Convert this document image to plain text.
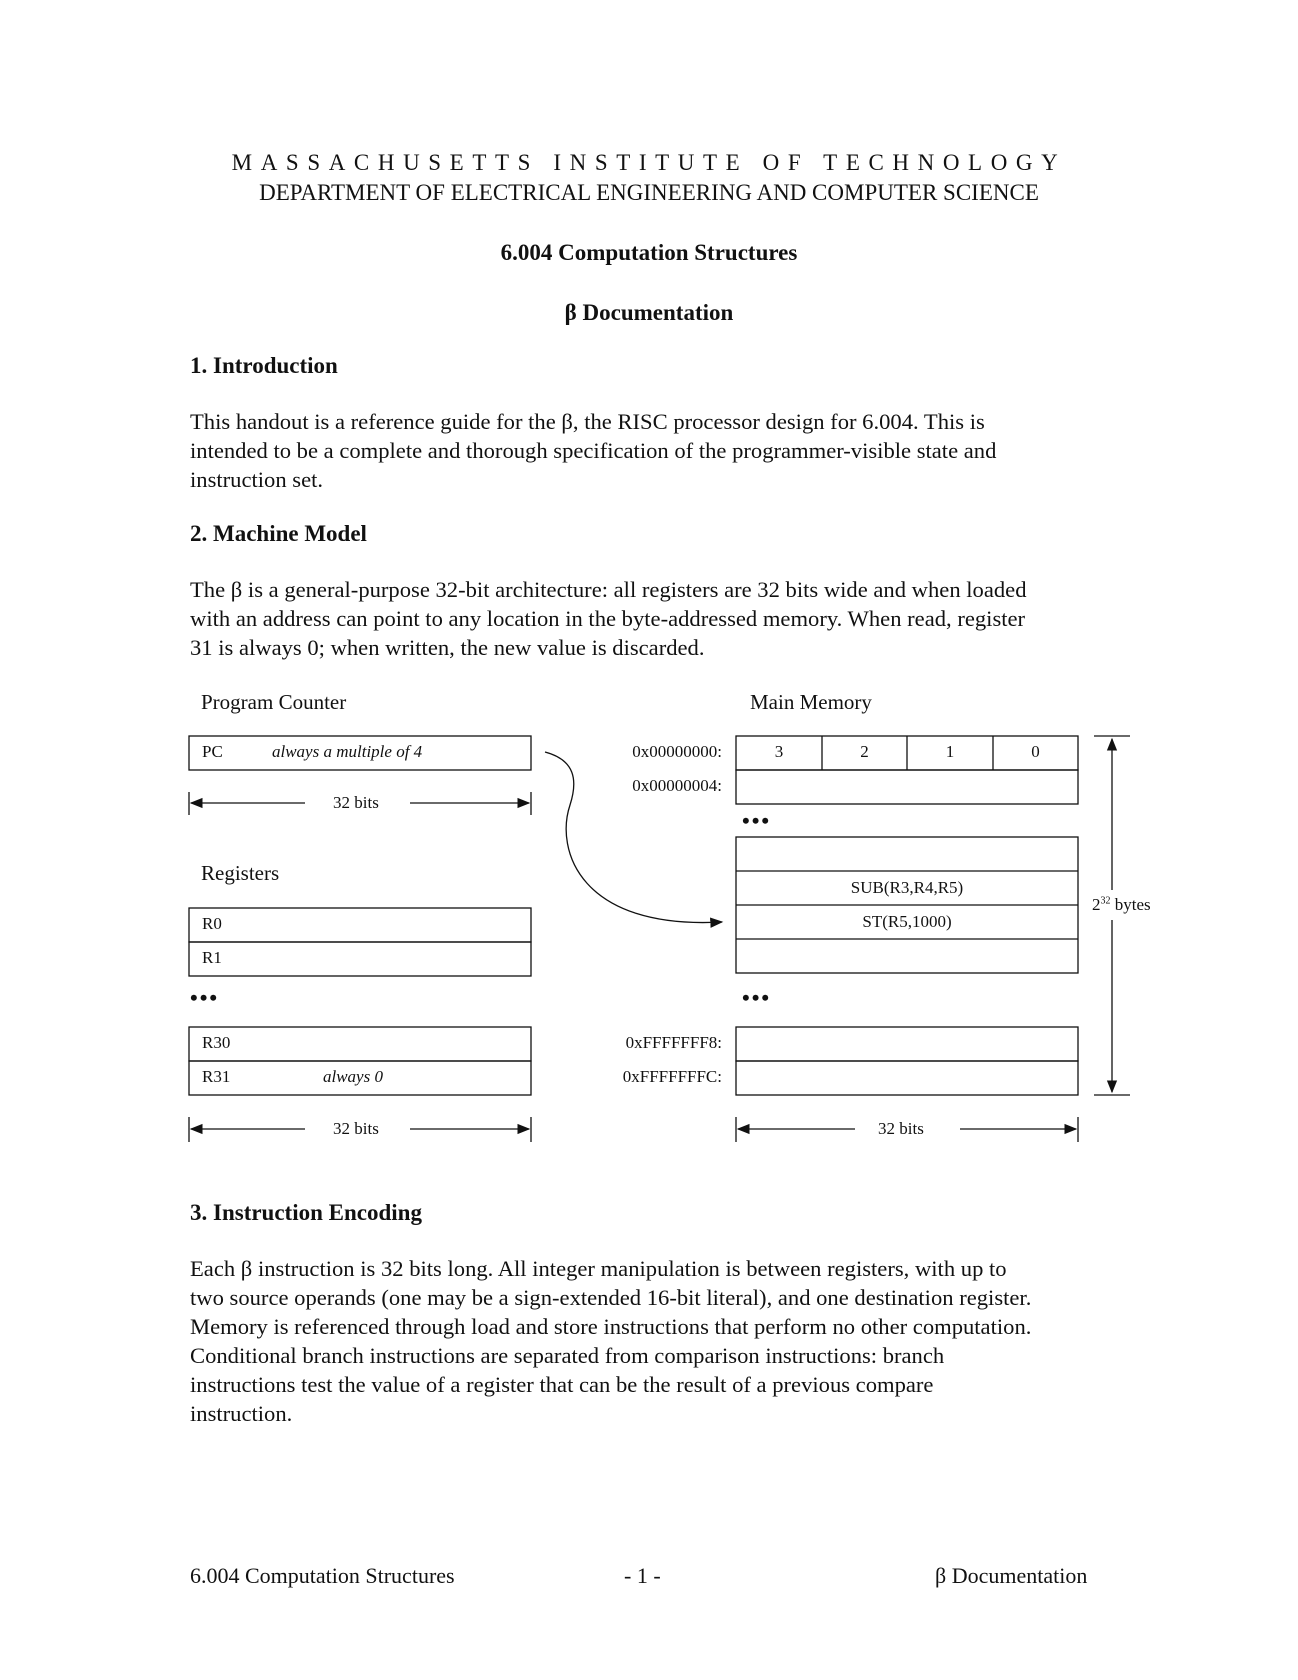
MASSACHUSETTS INSTITUTE OF TECHNOLOGY
DEPARTMENT OF ELECTRICAL ENGINEERING AND COMPUTER SCIENCE
6.004 Computation Structures
β Documentation
1. Introduction
This handout is a reference guide for the β, the RISC processor design for 6.004. This is
intended to be a complete and thorough specification of the programmer-visible state and
instruction set.
2. Machine Model
The β is a general-purpose 32-bit architecture: all registers are 32 bits wide and when loaded
with an address can point to any location in the byte-addressed memory. When read, register
31 is always 0; when written, the new value is discarded.
Program Counter	Main Memory
Registers
PC	always a multiple of 4
32 bits
R0
R1
•••
R30
R31	always 0
32 bits
0x00000000:
0x00000004:
0xFFFFFFF8:
0xFFFFFFFC:
3	2	1	0
•••
•••
SUB(R3,R4,R5)
ST(R5,1000)
$2^{32}$ bytes
32 bits
3. Instruction Encoding
Each β instruction is 32 bits long. All integer manipulation is between registers, with up to
two source operands (one may be a sign-extended 16-bit literal), and one destination register.
Memory is referenced through load and store instructions that perform no other computation.
Conditional branch instructions are separated from comparison instructions: branch
instructions test the value of a register that can be the result of a previous compare
instruction.
6.004 Computation Structures	- 1 -	β Documentation
